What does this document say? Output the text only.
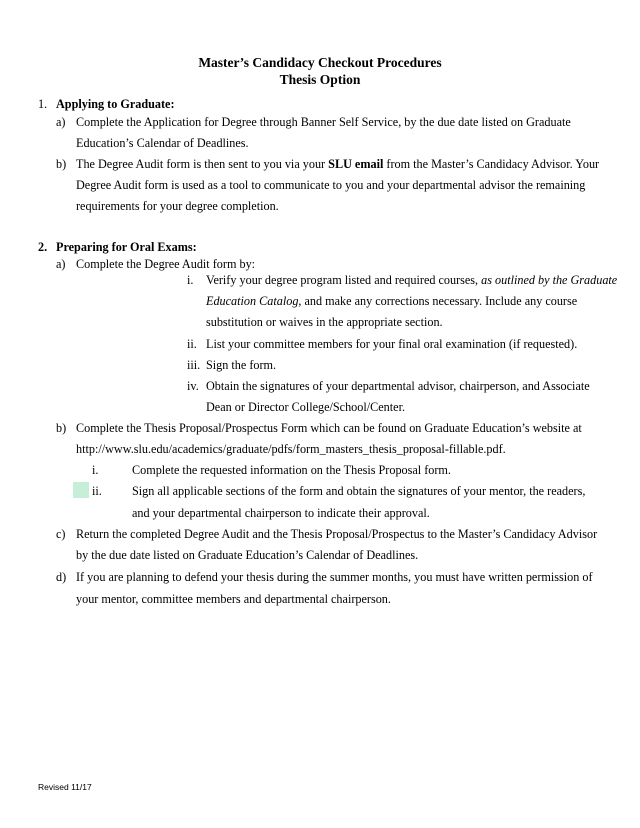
Master’s Candidacy Checkout Procedures
Thesis Option
1. Applying to Graduate:
a) Complete the Application for Degree through Banner Self Service, by the due date listed on Graduate
Education’s Calendar of Deadlines.
b) The Degree Audit form is then sent to you via your SLU email from the Master’s Candidacy Advisor. Your
Degree Audit form is used as a tool to communicate to you and your departmental advisor the remaining
requirements for your degree completion.
2. Preparing for Oral Exams:
a) Complete the Degree Audit form by:
i. Verify your degree program listed and required courses, as outlined by the Graduate
Education Catalog, and make any corrections necessary. Include any course
substitution or waives in the appropriate section.
ii. List your committee members for your final oral examination (if requested).
iii. Sign the form.
iv. Obtain the signatures of your departmental advisor, chairperson, and Associate
Dean or Director College/School/Center.
b) Complete the Thesis Proposal/Prospectus Form which can be found on Graduate Education’s website at
http://www.slu.edu/academics/graduate/pdfs/form_masters_thesis_proposal-fillable.pdf.
i.	Complete the requested information on the Thesis Proposal form.
ii. Sign all applicable sections of the form and obtain the signatures of your mentor, the readers,
and your departmental chairperson to indicate their approval.
c) Return the completed Degree Audit and the Thesis Proposal/Prospectus to the Master’s Candidacy Advisor
by the due date listed on Graduate Education’s Calendar of Deadlines.
d) If you are planning to defend your thesis during the summer months, you must have written permission of
your mentor, committee members and departmental chairperson.
Revised 11/17
